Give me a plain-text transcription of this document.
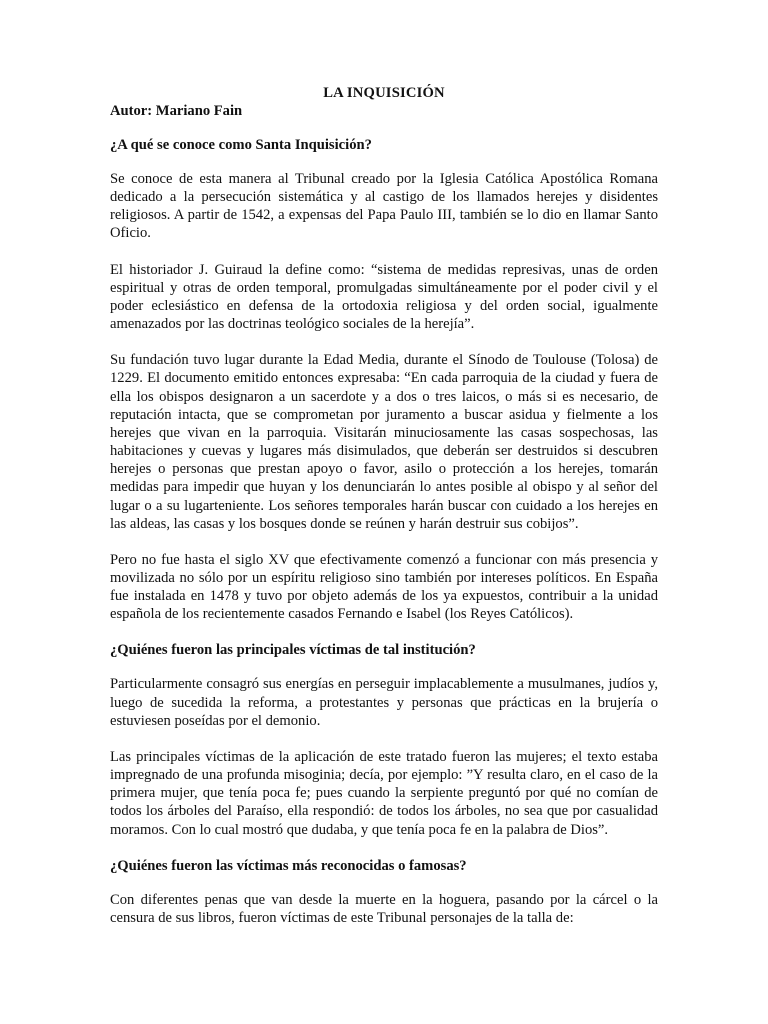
LA INQUISICIÓN
Autor: Mariano Fain
¿A qué se conoce como Santa Inquisición?

Se conoce de esta manera al Tribunal creado por la Iglesia Católica Apostólica Romana dedicado a la persecución sistemática y al castigo de los llamados herejes y disidentes religiosos. A partir de 1542, a expensas del Papa Paulo III, también se lo dio en llamar Santo Oficio.

El historiador J. Guiraud la define como: “sistema de medidas represivas, unas de orden espiritual y otras de orden temporal, promulgadas simultáneamente por el poder civil y el poder eclesiástico en defensa de la ortodoxia religiosa y del orden social, igualmente amenazados por las doctrinas teológico sociales de la herejía”.

Su fundación tuvo lugar durante la Edad Media, durante el Sínodo de Toulouse (Tolosa) de 1229. El documento emitido entonces expresaba: “En cada parroquia de la ciudad y fuera de ella los obispos designaron a un sacerdote y a dos o tres laicos, o más si es necesario, de reputación intacta, que se comprometan por juramento a buscar asidua y fielmente a los herejes que vivan en la parroquia. Visitarán minuciosamente las casas sospechosas, las habitaciones y cuevas y lugares más disimulados, que deberán ser destruidos si descubren herejes o personas que prestan apoyo o favor, asilo o protección a los herejes, tomarán medidas para impedir que huyan y los denunciarán lo antes posible al obispo y al señor del lugar o a su lugarteniente. Los señores temporales harán buscar con cuidado a los herejes en las aldeas, las casas y los bosques donde se reúnen y harán destruir sus cobijos”.

Pero no fue hasta el siglo XV que efectivamente comenzó a funcionar con más presencia y movilizada no sólo por un espíritu religioso sino también por intereses políticos. En España fue instalada en 1478 y tuvo por objeto además de los ya expuestos, contribuir a la unidad española de los recientemente casados Fernando e Isabel (los Reyes Católicos).

¿Quiénes fueron las principales víctimas de tal institución?

Particularmente consagró sus energías en perseguir implacablemente a musulmanes, judíos y, luego de sucedida la reforma, a protestantes y personas que prácticas en la brujería o estuviesen poseídas por el demonio.

Las principales víctimas de la aplicación de este tratado fueron las mujeres; el texto estaba impregnado de una profunda misoginia; decía, por ejemplo: ”Y resulta claro, en el caso de la primera mujer, que tenía poca fe; pues cuando la serpiente preguntó por qué no comían de todos los árboles del Paraíso, ella respondió: de todos los árboles, no sea que por casualidad moramos. Con lo cual mostró que dudaba, y que tenía poca fe en la palabra de Dios”.

¿Quiénes fueron las víctimas más reconocidas o famosas?

Con diferentes penas que van desde la muerte en la hoguera, pasando por la cárcel o la censura de sus libros, fueron víctimas de este Tribunal personajes de la talla de:
